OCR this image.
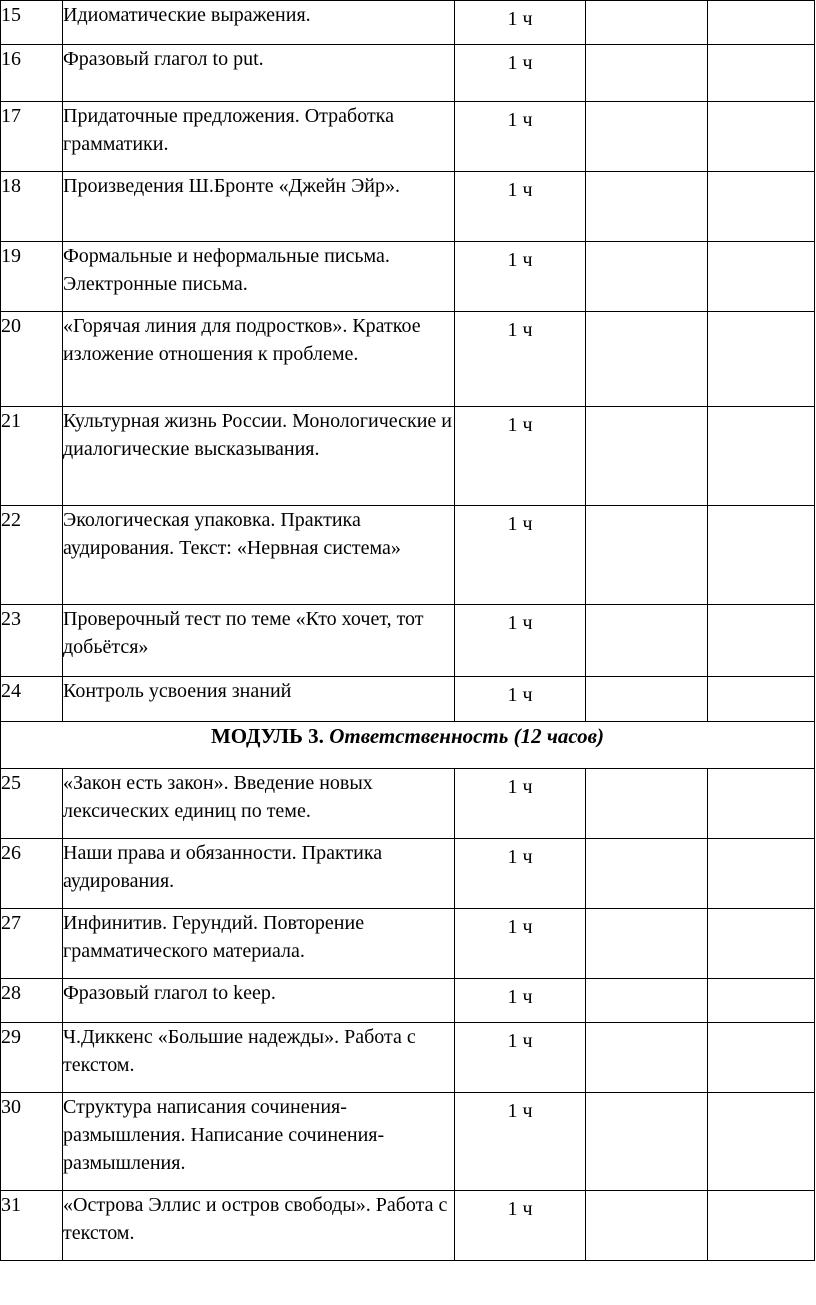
15	Идиоматические выражения.	1 ч		
16	Фразовый глагол to put.	1 ч		
17	Придаточные предложения. Отработка грамматики.	1 ч		
18	Произведения Ш.Бронте «Джейн Эйр».	1 ч		
19	Формальные и неформальные письма. Электронные письма.	1 ч		
20	«Горячая линия для подростков». Краткое изложение отношения к проблеме.	1 ч		
21	Культурная жизнь России. Монологические и диалогические высказывания.	1 ч		
22	Экологическая упаковка. Практика аудирования. Текст: «Нервная система»	1 ч		
23	Проверочный тест по теме «Кто хочет, тот добьётся»	1 ч		
24	Контроль усвоения знаний	1 ч		
МОДУЛЬ 3. Ответственность (12 часов)				
25	«Закон есть закон». Введение новых лексических единиц по теме.	1 ч		
26	Наши права и обязанности. Практика аудирования.	1 ч		
27	Инфинитив. Герундий. Повторение грамматического материала.	1 ч		
28	Фразовый глагол to keep.	1 ч		
29	Ч.Диккенс «Большие надежды». Работа с текстом.	1 ч		
30	Структура написания сочинения-размышления. Написание сочинения-размышления.	1 ч		
31	«Острова Эллис и остров свободы». Работа с текстом.	1 ч		
